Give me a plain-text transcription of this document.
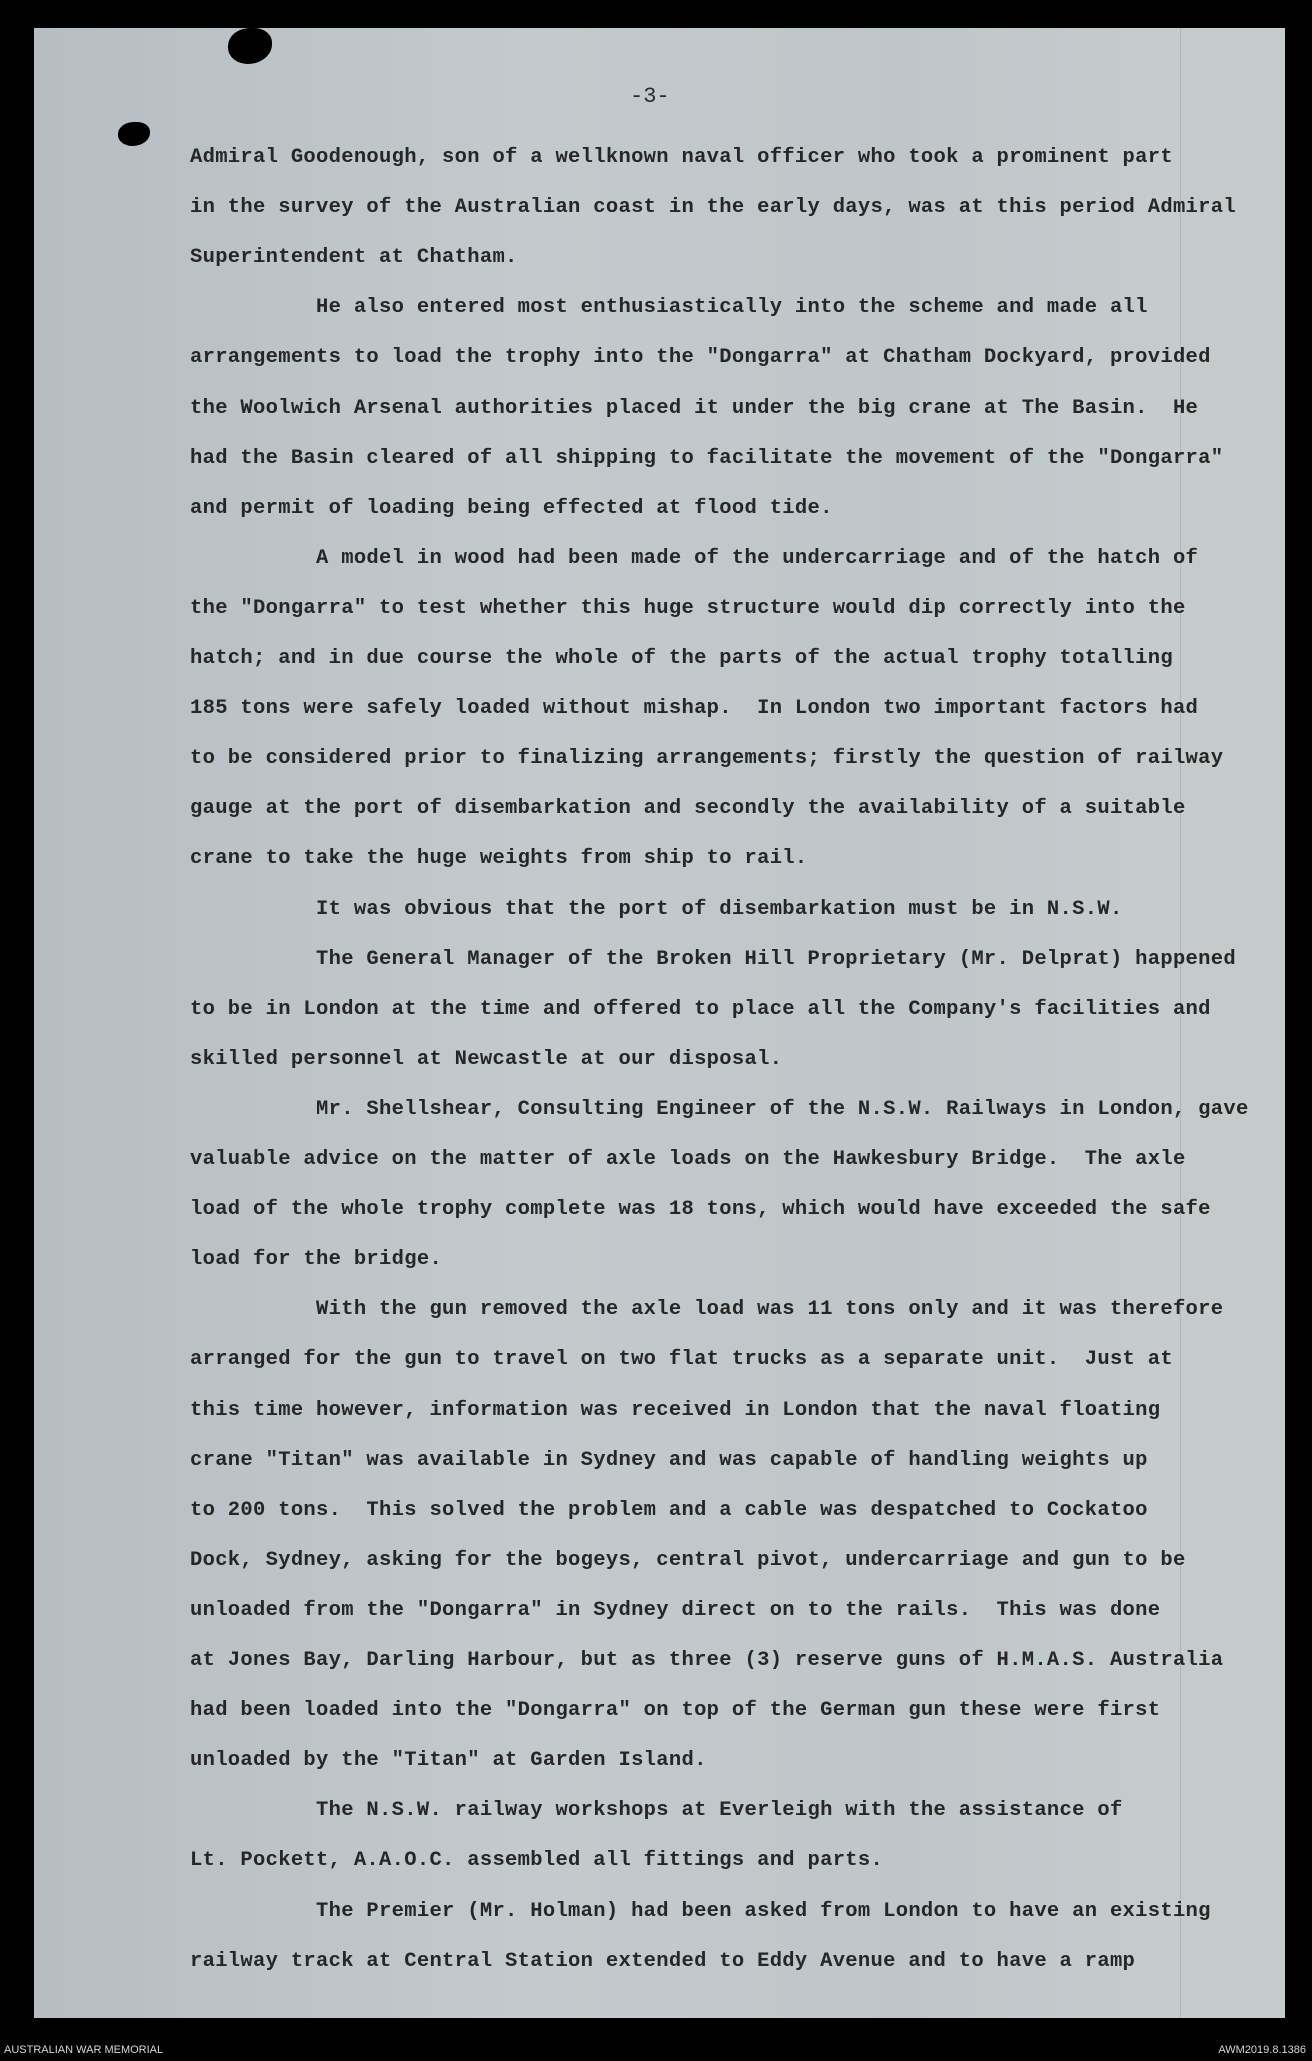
-3-
Admiral Goodenough, son of a wellknown naval officer who took a prominent part
in the survey of the Australian coast in the early days, was at this period Admiral
Superintendent at Chatham.
He also entered most enthusiastically into the scheme and made all
arrangements to load the trophy into the "Dongarra" at Chatham Dockyard, provided
the Woolwich Arsenal authorities placed it under the big crane at The Basin.  He
had the Basin cleared of all shipping to facilitate the movement of the "Dongarra"
and permit of loading being effected at flood tide.
A model in wood had been made of the undercarriage and of the hatch of
the "Dongarra" to test whether this huge structure would dip correctly into the
hatch; and in due course the whole of the parts of the actual trophy totalling
185 tons were safely loaded without mishap.  In London two important factors had
to be considered prior to finalizing arrangements; firstly the question of railway
gauge at the port of disembarkation and secondly the availability of a suitable
crane to take the huge weights from ship to rail.
It was obvious that the port of disembarkation must be in N.S.W.
The General Manager of the Broken Hill Proprietary (Mr. Delprat) happened
to be in London at the time and offered to place all the Company's facilities and
skilled personnel at Newcastle at our disposal.
Mr. Shellshear, Consulting Engineer of the N.S.W. Railways in London, gave
valuable advice on the matter of axle loads on the Hawkesbury Bridge.  The axle
load of the whole trophy complete was 18 tons, which would have exceeded the safe
load for the bridge.
With the gun removed the axle load was 11 tons only and it was therefore
arranged for the gun to travel on two flat trucks as a separate unit.  Just at
this time however, information was received in London that the naval floating
crane "Titan" was available in Sydney and was capable of handling weights up
to 200 tons.  This solved the problem and a cable was despatched to Cockatoo
Dock, Sydney, asking for the bogeys, central pivot, undercarriage and gun to be
unloaded from the "Dongarra" in Sydney direct on to the rails.  This was done
at Jones Bay, Darling Harbour, but as three (3) reserve guns of H.M.A.S. Australia
had been loaded into the "Dongarra" on top of the German gun these were first
unloaded by the "Titan" at Garden Island.
The N.S.W. railway workshops at Everleigh with the assistance of
Lt. Pockett, A.A.O.C. assembled all fittings and parts.
The Premier (Mr. Holman) had been asked from London to have an existing
railway track at Central Station extended to Eddy Avenue and to have a ramp
AUSTRALIAN WAR MEMORIAL	AWM2019.8.1386
